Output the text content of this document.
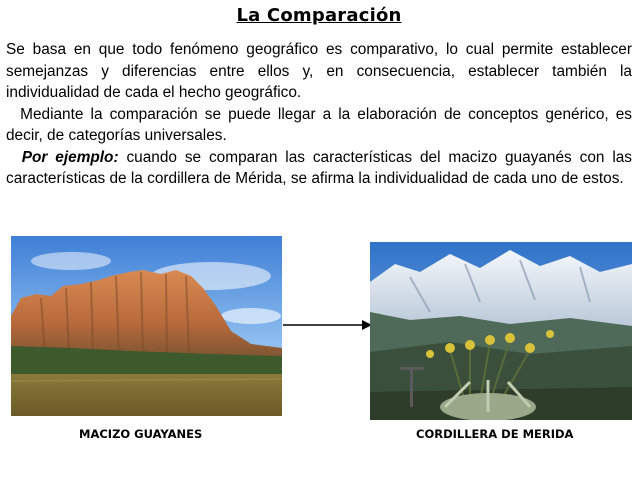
La Comparación

Se basa en que todo fenómeno geográfico es comparativo, lo cual permite establecer semejanzas y diferencias entre ellos y, en consecuencia, establecer también la individualidad de cada el hecho geográfico.

Mediante la comparación se puede llegar a la elaboración de conceptos genérico, es decir, de categorías universales.

Por ejemplo: cuando se comparan las características del macizo guayanés con las características de la cordillera de Mérida, se afirma la individualidad de cada uno de estos.

MACIZO GUAYANES	CORDILLERA DE MERIDA
